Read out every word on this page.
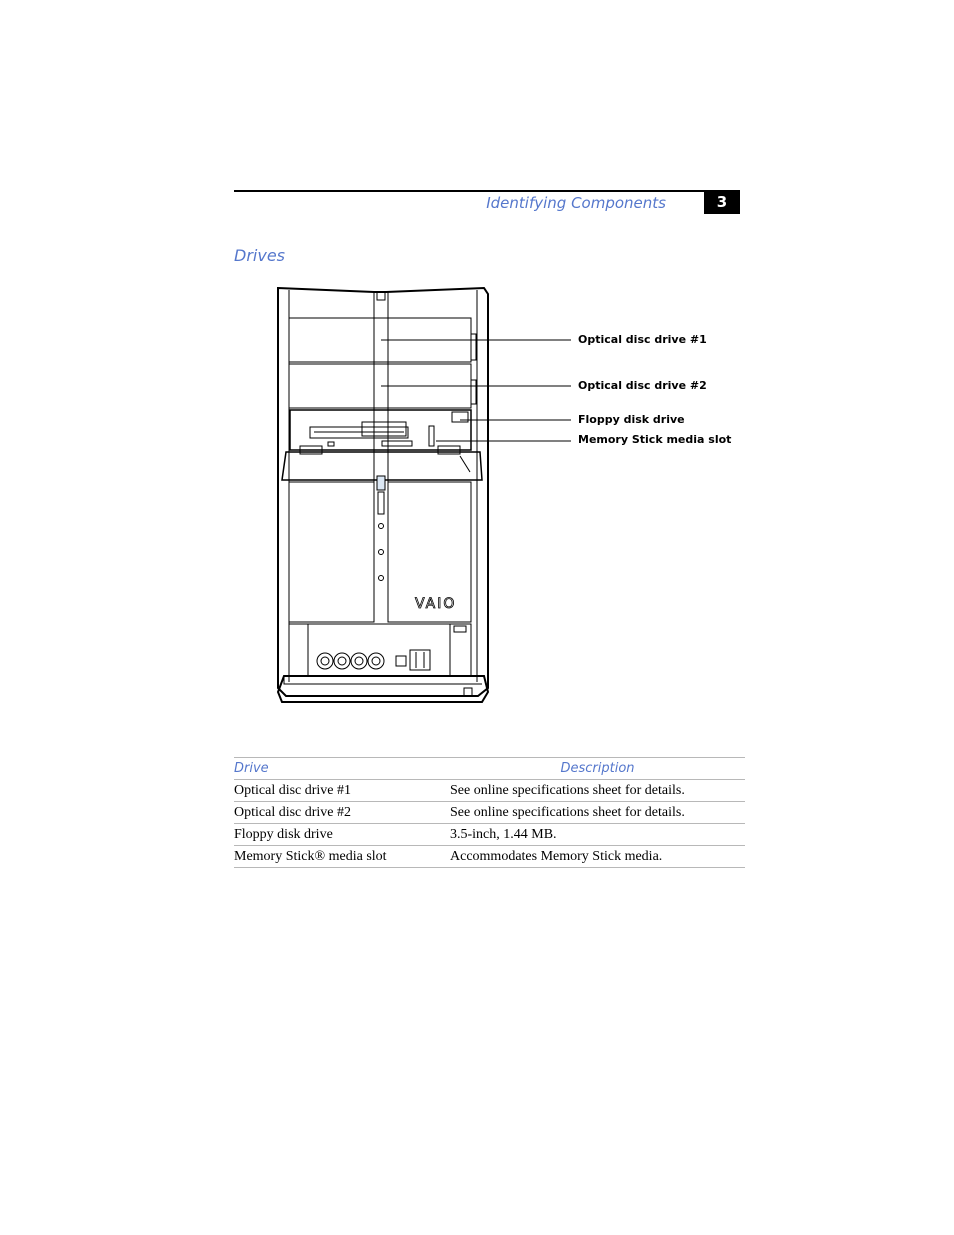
Identifying Components	3
Drives
VAIO
Optical disc drive #1
Optical disc drive #2
Floppy disk drive
Memory Stick media slot
Drive	Description
Optical disc drive #1	See online specifications sheet for details.
Optical disc drive #2	See online specifications sheet for details.
Floppy disk drive	3.5-inch, 1.44 MB.
Memory Stick® media slot	Accommodates Memory Stick media.
